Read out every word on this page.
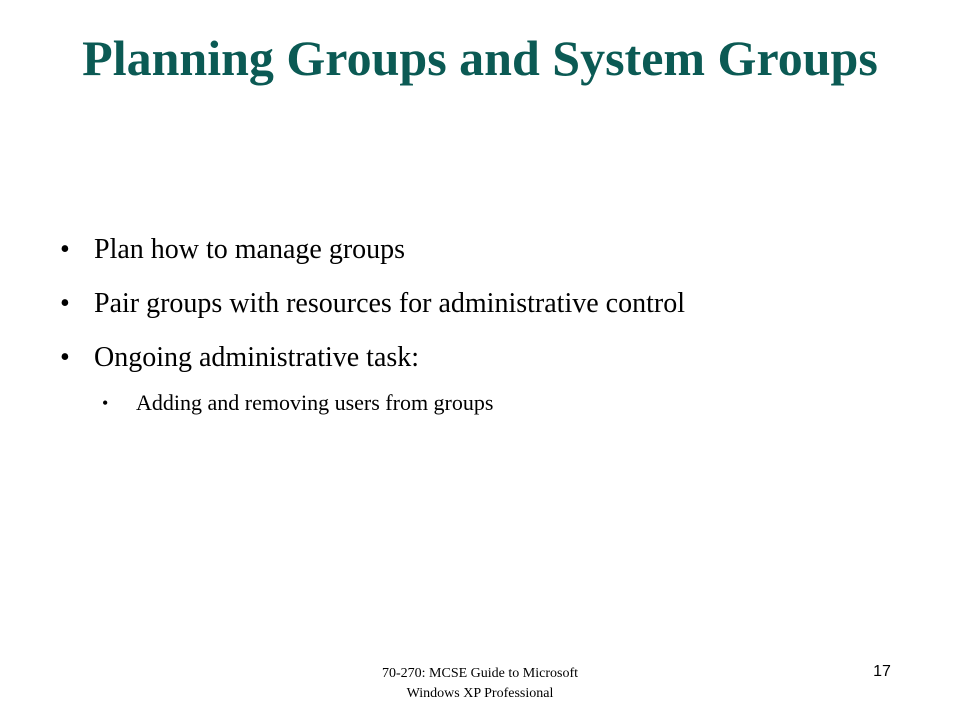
Planning Groups and System Groups
• Plan how to manage groups
• Pair groups with resources for administrative control
• Ongoing administrative task:
• Adding and removing users from groups
70-270: MCSE Guide to Microsoft
Windows XP Professional
17
